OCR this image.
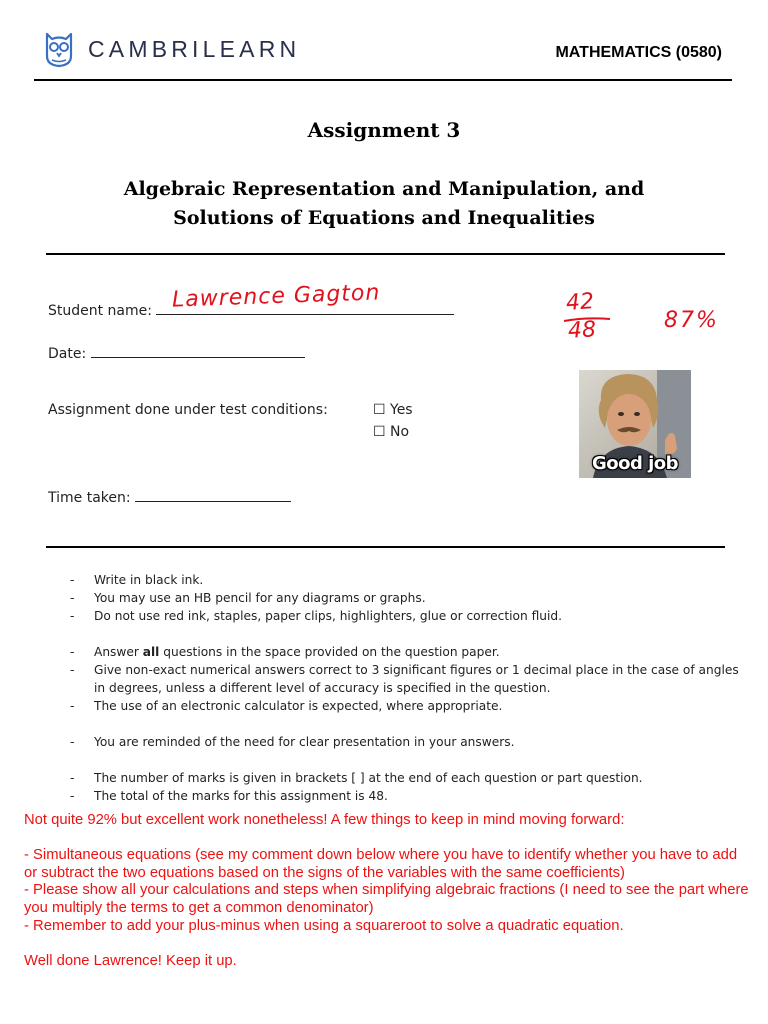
CAMBRILEARN	MATHEMATICS (0580)
Assignment 3
Algebraic Representation and Manipulation, and
Solutions of Equations and Inequalities
Student name: Lawrence Gagton
Date:
Assignment done under test conditions:	☐ Yes
☐ No
Time taken:
42
48	87%
Good job
- Write in black ink.
- You may use an HB pencil for any diagrams or graphs.
- Do not use red ink, staples, paper clips, highlighters, glue or correction fluid.
- Answer all questions in the space provided on the question paper.
- Give non-exact numerical answers correct to 3 significant figures or 1 decimal place in the case of angles in degrees, unless a different level of accuracy is specified in the question.
- The use of an electronic calculator is expected, where appropriate.
- You are reminded of the need for clear presentation in your answers.
- The number of marks is given in brackets [ ] at the end of each question or part question.
- The total of the marks for this assignment is 48.

Not quite 92% but excellent work nonetheless! A few things to keep in mind moving forward:

- Simultaneous equations (see my comment down below where you have to identify whether you have to add or subtract the two equations based on the signs of the variables with the same coefficients)

- Please show all your calculations and steps when simplifying algebraic fractions (I need to see the part where you multiply the terms to get a common denominator)

- Remember to add your plus-minus when using a squareroot to solve a quadratic equation.

Well done Lawrence! Keep it up.
